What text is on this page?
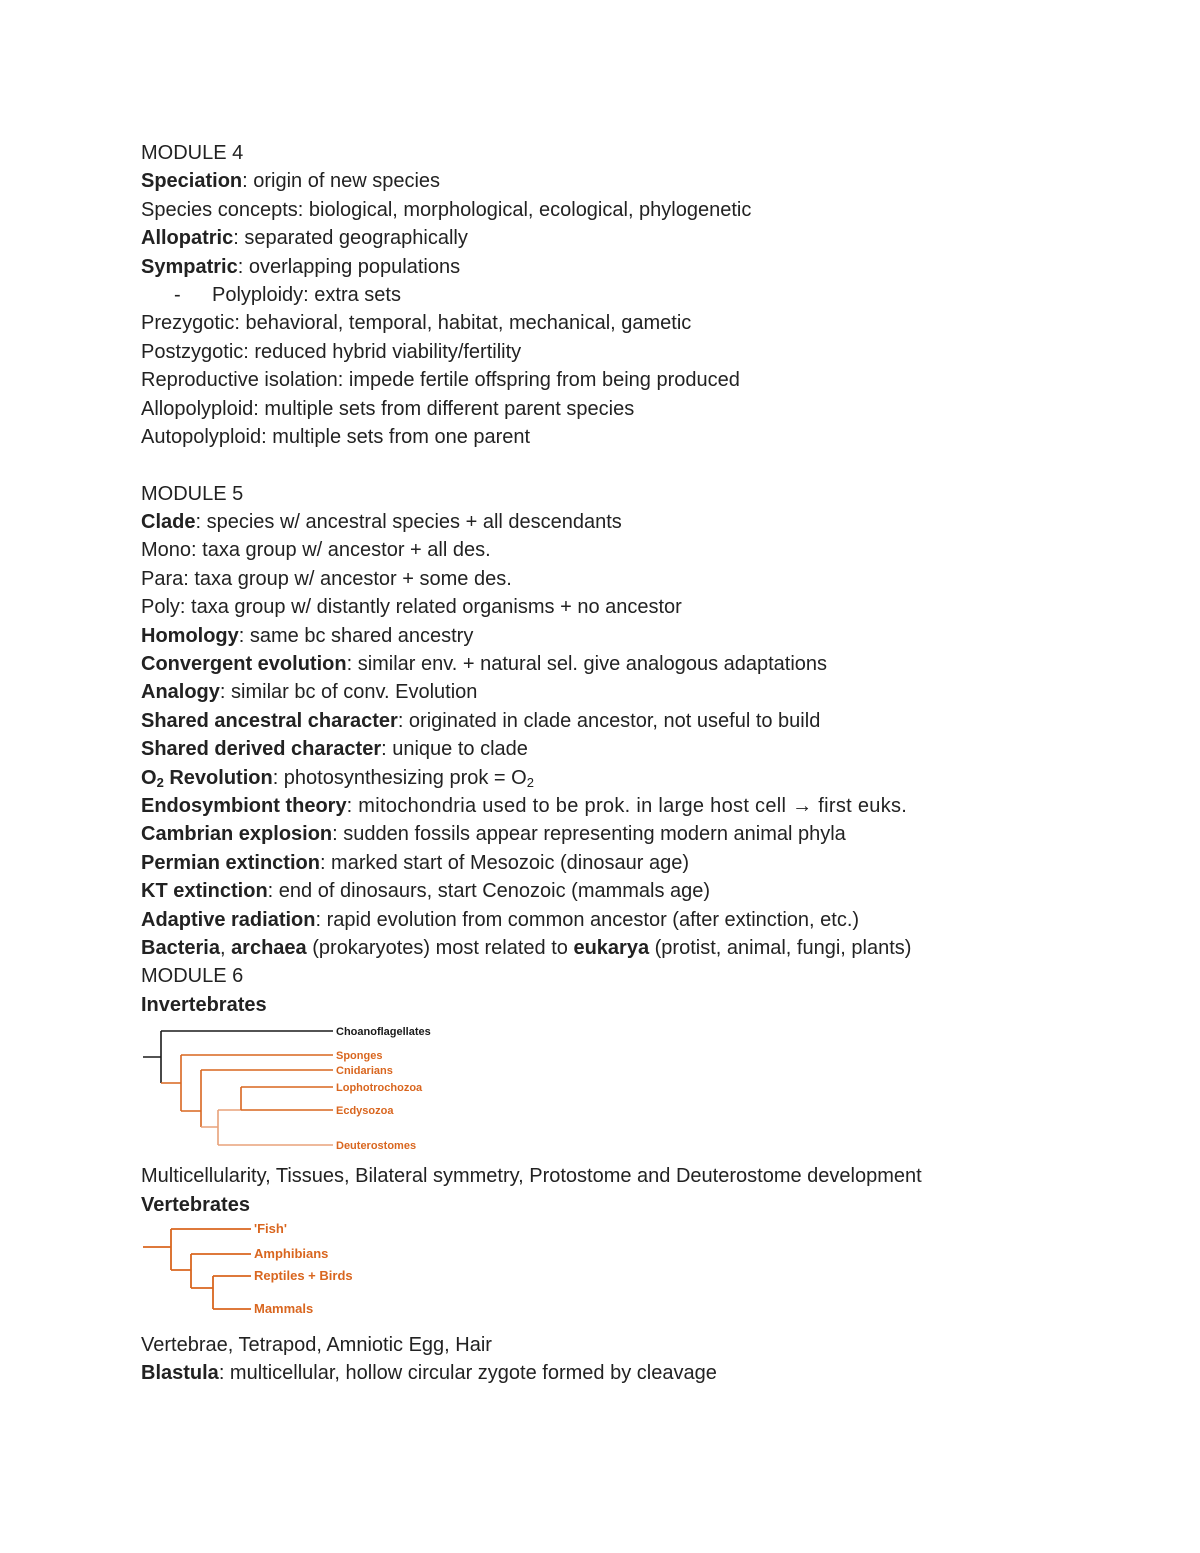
MODULE 4
Speciation: origin of new species
Species concepts: biological, morphological, ecological, phylogenetic
Allopatric: separated geographically
Sympatric: overlapping populations
- Polyploidy: extra sets
Prezygotic: behavioral, temporal, habitat, mechanical, gametic
Postzygotic: reduced hybrid viability/fertility
Reproductive isolation: impede fertile offspring from being produced
Allopolyploid: multiple sets from different parent species
Autopolyploid: multiple sets from one parent
MODULE 5
Clade: species w/ ancestral species + all descendants
Mono: taxa group w/ ancestor + all des.
Para: taxa group w/ ancestor + some des.
Poly: taxa group w/ distantly related organisms + no ancestor
Homology: same bc shared ancestry
Convergent evolution: similar env. + natural sel. give analogous adaptations
Analogy: similar bc of conv. Evolution
Shared ancestral character: originated in clade ancestor, not useful to build
Shared derived character: unique to clade
$O_2$ Revolution: photosynthesizing prok = $O_2$
Endosymbiont theory: mitochondria used to be prok. in large host cell → first euks.
Cambrian explosion: sudden fossils appear representing modern animal phyla
Permian extinction: marked start of Mesozoic (dinosaur age)
KT extinction: end of dinosaurs, start Cenozoic (mammals age)
Adaptive radiation: rapid evolution from common ancestor (after extinction, etc.)
Bacteria, archaea (prokaryotes) most related to eukarya (protist, animal, fungi, plants)
MODULE 6
Invertebrates
Choanoflagellates
Sponges
Cnidarians
Lophotrochozoa
Ecdysozoa
Deuterostomes
Multicellularity, Tissues, Bilateral symmetry, Protostome and Deuterostome development
Vertebrates
'Fish'
Amphibians
Reptiles + Birds
Mammals
Vertebrae, Tetrapod, Amniotic Egg, Hair
Blastula: multicellular, hollow circular zygote formed by cleavage
